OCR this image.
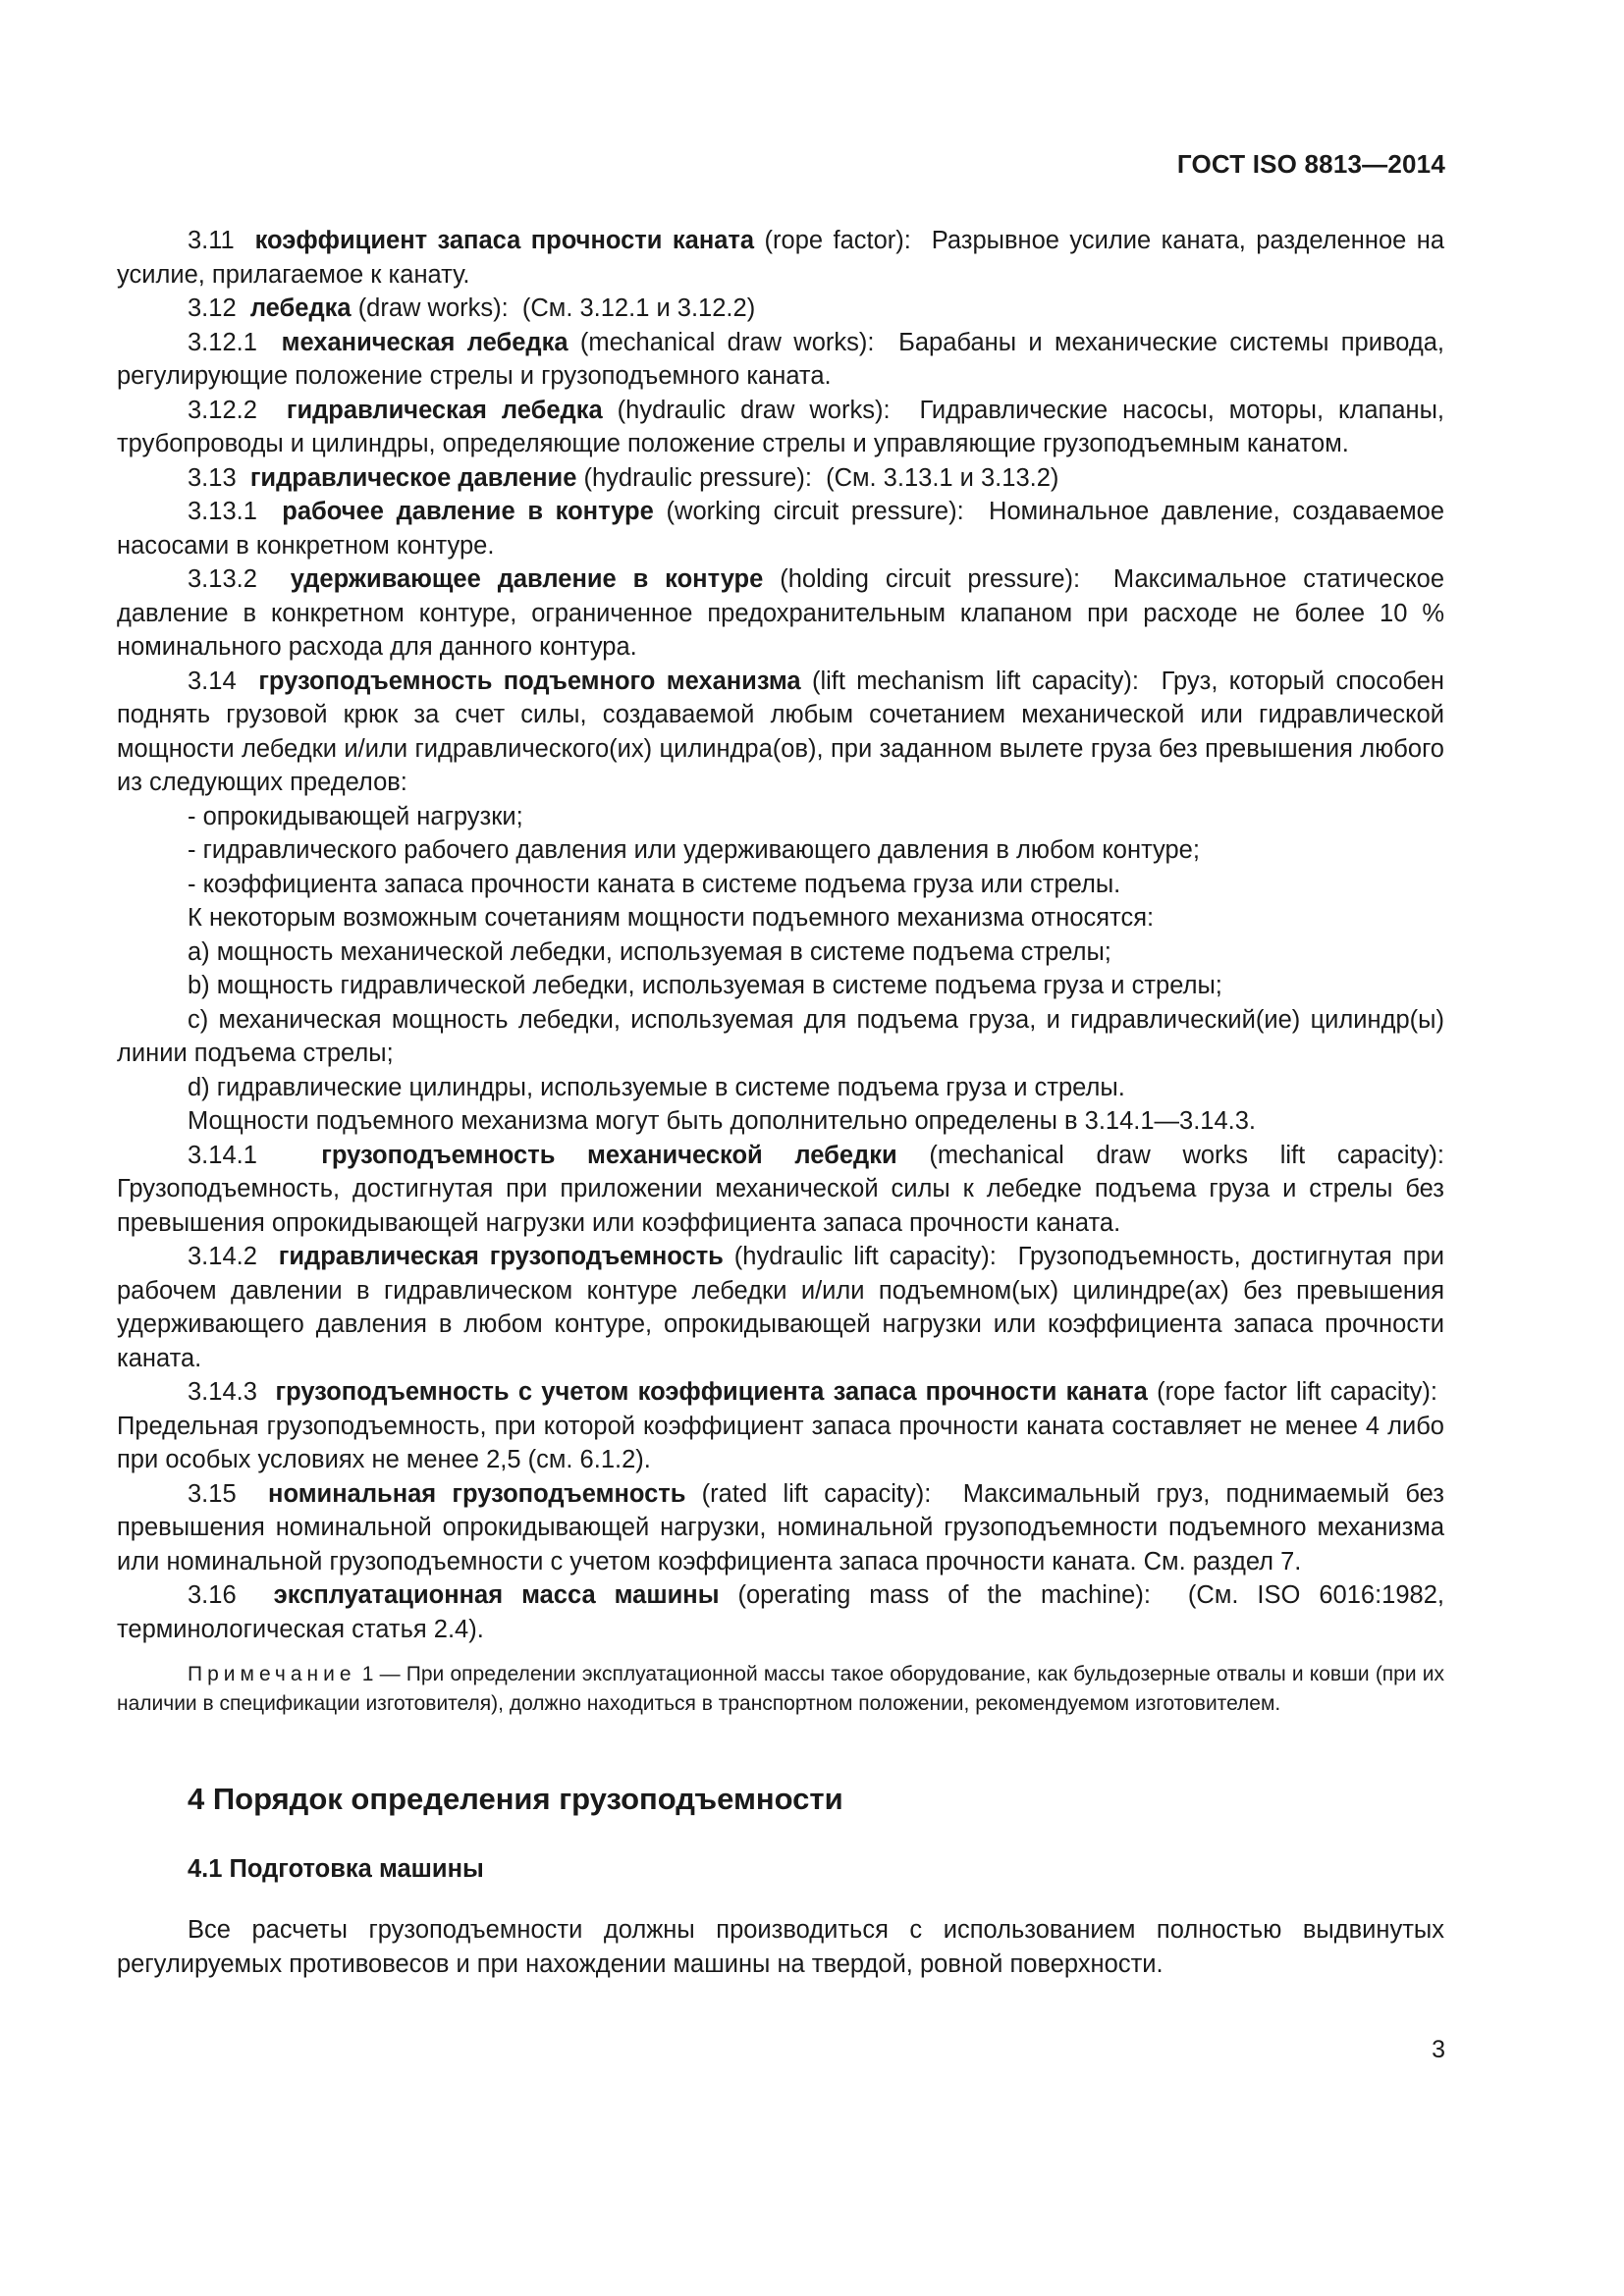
ГОСТ ISO 8813—2014

3.11 коэффициент запаса прочности каната (rope factor): Разрывное усилие каната, разделенное на усилие, прилагаемое к канату.

3.12 лебедка (draw works): (См. 3.12.1 и 3.12.2)

3.12.1 механическая лебедка (mechanical draw works): Барабаны и механические системы привода, регулирующие положение стрелы и грузоподъемного каната.

3.12.2 гидравлическая лебедка (hydraulic draw works): Гидравлические насосы, моторы, клапаны, трубопроводы и цилиндры, определяющие положение стрелы и управляющие грузоподъемным канатом.

3.13 гидравлическое давление (hydraulic pressure): (См. 3.13.1 и 3.13.2)

3.13.1 рабочее давление в контуре (working circuit pressure): Номинальное давление, создаваемое насосами в конкретном контуре.

3.13.2 удерживающее давление в контуре (holding circuit pressure): Максимальное статическое давление в конкретном контуре, ограниченное предохранительным клапаном при расходе не более 10 % номинального расхода для данного контура.

3.14 грузоподъемность подъемного механизма (lift mechanism lift capacity): Груз, который способен поднять грузовой крюк за счет силы, создаваемой любым сочетанием механической или гидравлической мощности лебедки и/или гидравлического(их) цилиндра(ов), при заданном вылете груза без превышения любого из следующих пределов:

- опрокидывающей нагрузки;

- гидравлического рабочего давления или удерживающего давления в любом контуре;

- коэффициента запаса прочности каната в системе подъема груза или стрелы.

К некоторым возможным сочетаниям мощности подъемного механизма относятся:

a) мощность механической лебедки, используемая в системе подъема стрелы;

b) мощность гидравлической лебедки, используемая в системе подъема груза и стрелы;

c) механическая мощность лебедки, используемая для подъема груза, и гидравлический(ие) цилиндр(ы) линии подъема стрелы;

d) гидравлические цилиндры, используемые в системе подъема груза и стрелы.

Мощности подъемного механизма могут быть дополнительно определены в 3.14.1—3.14.3.

3.14.1	грузоподъемность механической лебедки (mechanical draw works lift capacity): Грузоподъемность, достигнутая при приложении механической силы к лебедке подъема груза и стрелы без превышения опрокидывающей нагрузки или коэффициента запаса прочности каната.

3.14.2 гидравлическая грузоподъемность (hydraulic lift capacity): Грузоподъемность, достигнутая при рабочем давлении в гидравлическом контуре лебедки и/или подъемном(ых) цилиндре(ах) без превышения удерживающего давления в любом контуре, опрокидывающей нагрузки или коэффициента запаса прочности каната.

3.14.3 грузоподъемность с учетом коэффициента запаса прочности каната (rope factor lift capacity):  Предельная грузоподъемность, при которой коэффициент запаса прочности каната составляет не менее 4 либо при особых условиях не менее 2,5 (см. 6.1.2).

3.15 номинальная грузоподъемность (rated lift capacity): Максимальный груз, поднимаемый без превышения номинальной опрокидывающей нагрузки, номинальной грузоподъемности подъемного механизма или номинальной грузоподъемности с учетом коэффициента запаса прочности каната. См. раздел 7.

3.16 эксплуатационная масса машины (operating mass of the machine): (См. ISO 6016:1982, терминологическая статья 2.4).

Примечание 1 — При определении эксплуатационной массы такое оборудование, как бульдозерные отвалы и ковши (при их наличии в спецификации изготовителя), должно находиться в транспортном положении, рекомендуемом изготовителем.

4 Порядок определения грузоподъемности
4.1 Подготовка машины

Все расчеты грузоподъемности должны производиться с использованием полностью выдвинутых регулируемых противовесов и при нахождении машины на твердой, ровной поверхности.

3
